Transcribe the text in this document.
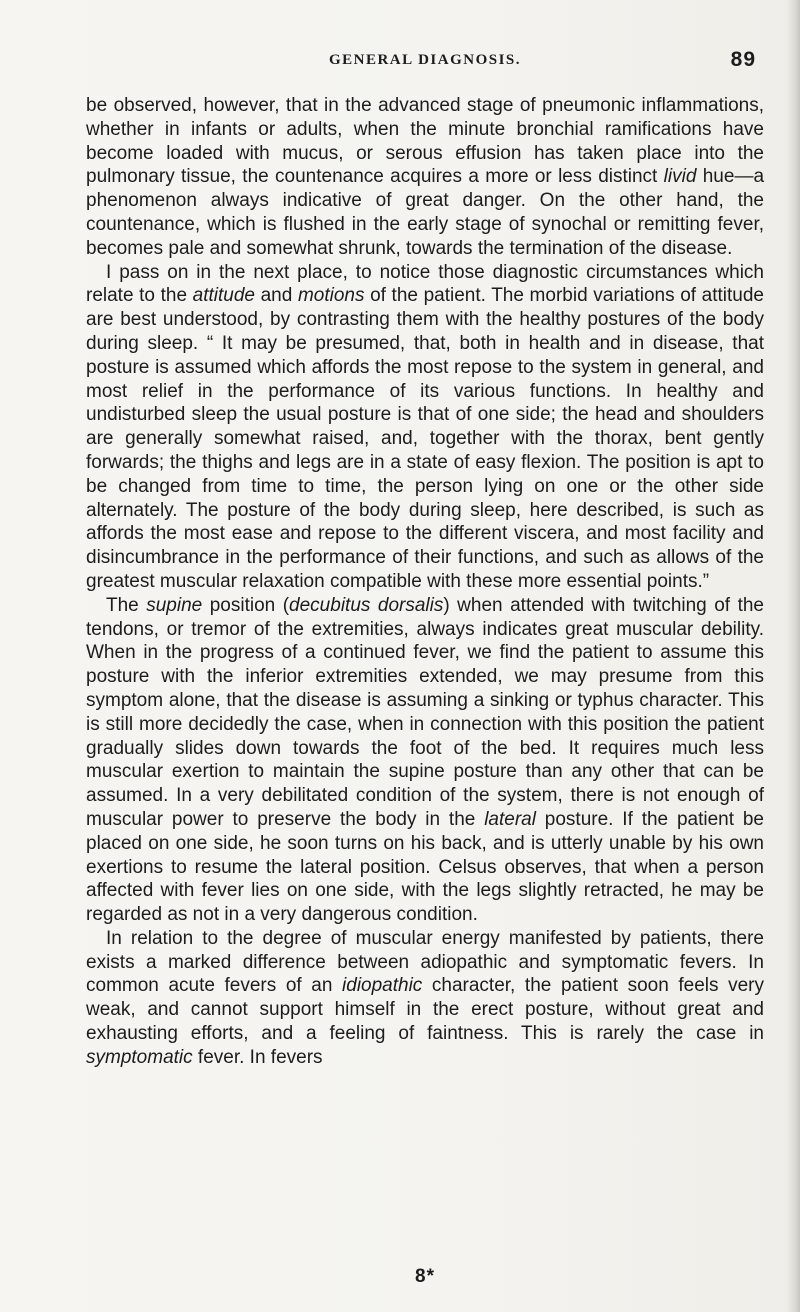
GENERAL DIAGNOSIS.	89

be observed, however, that in the advanced stage of pneumonic inflammations, whether in infants or adults, when the minute bronchial ramifications have become loaded with mucus, or serous effusion has taken place into the pulmonary tissue, the countenance acquires a more or less distinct livid hue—a phenomenon always indicative of great danger. On the other hand, the countenance, which is flushed in the early stage of synochal or remitting fever, becomes pale and somewhat shrunk, towards the termination of the disease.

I pass on in the next place, to notice those diagnostic circumstances which relate to the attitude and motions of the patient. The morbid variations of attitude are best understood, by contrasting them with the healthy postures of the body during sleep. “ It may be presumed, that, both in health and in disease, that posture is assumed which affords the most repose to the system in general, and most relief in the performance of its various functions. In healthy and undisturbed sleep the usual posture is that of one side; the head and shoulders are generally somewhat raised, and, together with the thorax, bent gently forwards; the thighs and legs are in a state of easy flexion. The position is apt to be changed from time to time, the person lying on one or the other side alternately. The posture of the body during sleep, here described, is such as affords the most ease and repose to the different viscera, and most facility and disincumbrance in the performance of their functions, and such as allows of the greatest muscular relaxation compatible with these more essential points.”

The supine position (decubitus dorsalis) when attended with twitching of the tendons, or tremor of the extremities, always indicates great muscular debility. When in the progress of a continued fever, we find the patient to assume this posture with the inferior extremities extended, we may presume from this symptom alone, that the disease is assuming a sinking or typhus character. This is still more decidedly the case, when in connection with this position the patient gradually slides down towards the foot of the bed. It requires much less muscular exertion to maintain the supine posture than any other that can be assumed. In a very debilitated condition of the system, there is not enough of muscular power to preserve the body in the lateral posture. If the patient be placed on one side, he soon turns on his back, and is utterly unable by his own exertions to resume the lateral position. Celsus observes, that when a person affected with fever lies on one side, with the legs slightly retracted, he may be regarded as not in a very dangerous condition.

In relation to the degree of muscular energy manifested by patients, there exists a marked difference between adiopathic and symptomatic fevers. In common acute fevers of an idiopathic character, the patient soon feels very weak, and cannot support himself in the erect posture, without great and exhausting efforts, and a feeling of faintness. This is rarely the case in symptomatic fever. In fevers

8*
